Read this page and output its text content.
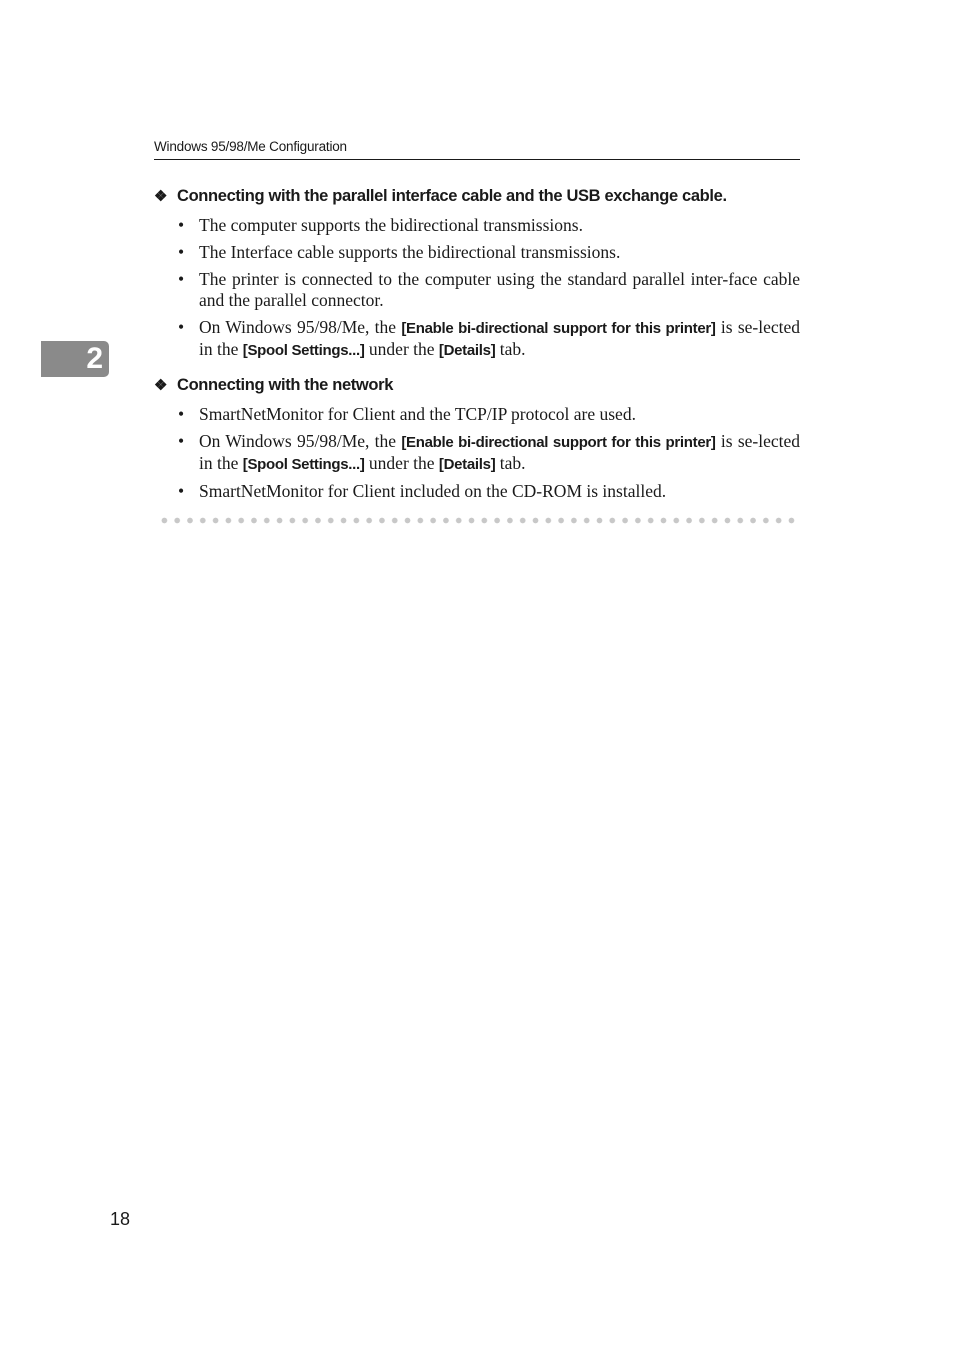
Windows 95/98/Me Configuration
2
❖ Connecting with the parallel interface cable and the USB exchange cable.
• The computer supports the bidirectional transmissions.
• The Interface cable supports the bidirectional transmissions.
• The printer is connected to the computer using the standard parallel inter-face cable and the parallel connector.
• On Windows 95/98/Me, the [Enable bi-directional support for this printer] is se-lected in the [Spool Settings...] under the [Details] tab.
❖ Connecting with the network
• SmartNetMonitor for Client and the TCP/IP protocol are used.
• On Windows 95/98/Me, the [Enable bi-directional support for this printer] is se-lected in the [Spool Settings...] under the [Details] tab.
• SmartNetMonitor for Client included on the CD-ROM is installed.
18
